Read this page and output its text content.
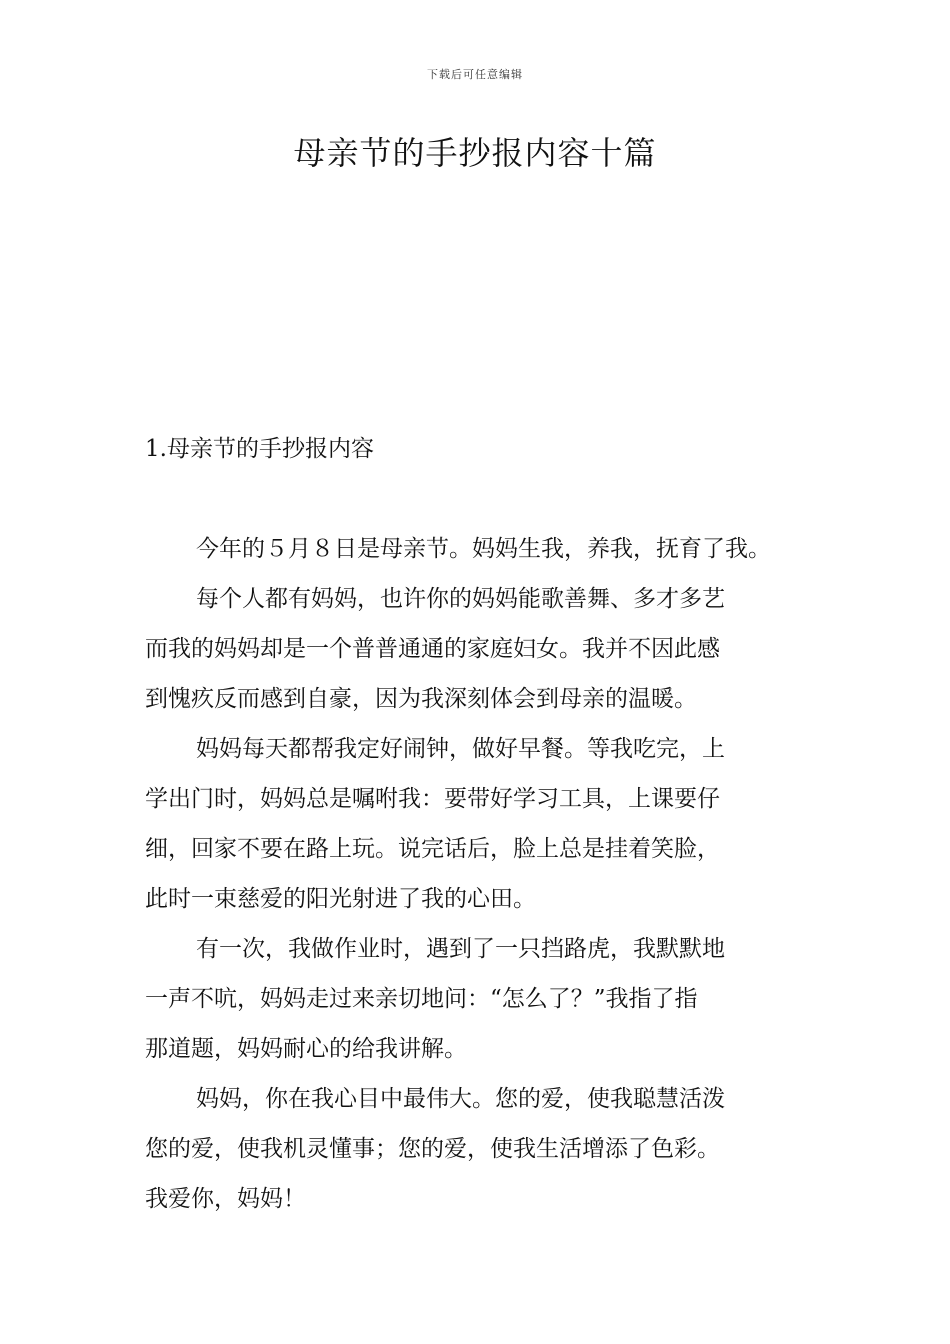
下载后可任意编辑
母亲节的手抄报内容十篇
1.母亲节的手抄报内容
今年的５月８日是母亲节。妈妈生我，养我，抚育了我。
每个人都有妈妈，也许你的妈妈能歌善舞、多才多艺
而我的妈妈却是一个普普通通的家庭妇女。我并不因此感
到愧疚反而感到自豪，因为我深刻体会到母亲的温暖。
妈妈每天都帮我定好闹钟，做好早餐。等我吃完，上
学出门时，妈妈总是嘱咐我：要带好学习工具，上课要仔
细，回家不要在路上玩。说完话后，脸上总是挂着笑脸，
此时一束慈爱的阳光射进了我的心田。
有一次，我做作业时，遇到了一只挡路虎，我默默地
一声不吭，妈妈走过来亲切地问：“怎么了？”我指了指
那道题，妈妈耐心的给我讲解。
妈妈，你在我心目中最伟大。您的爱，使我聪慧活泼
您的爱，使我机灵懂事；您的爱，使我生活增添了色彩。
我爱你，妈妈！
